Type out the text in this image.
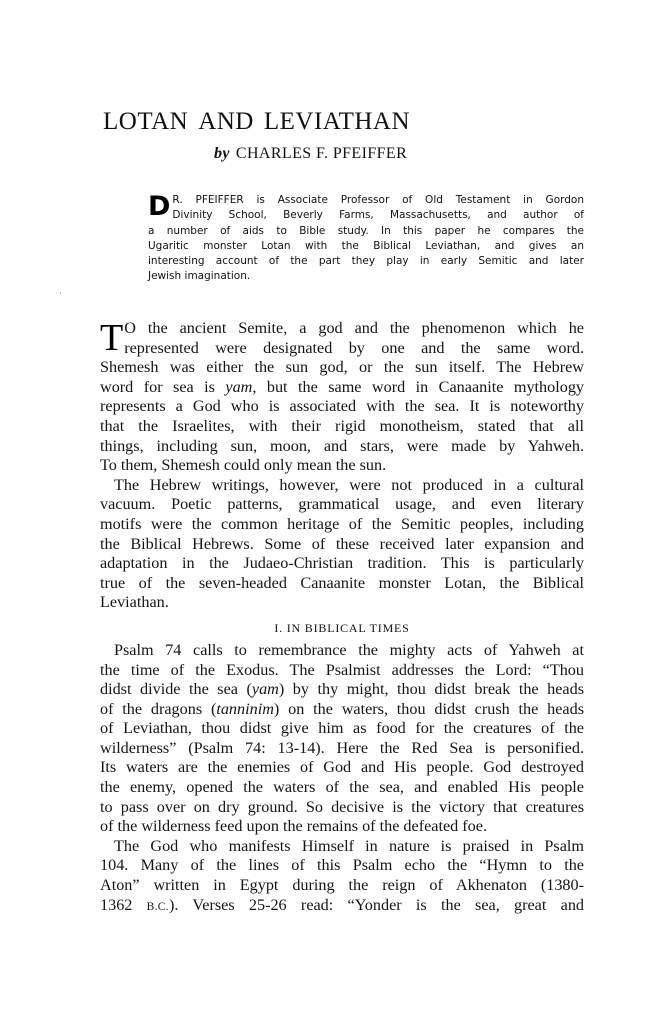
LOTAN AND LEVIATHAN
by CHARLES F. PFEIFFER
D R. PFEIFFER is Associate Professor of Old Testament in Gordon
Divinity School, Beverly Farms, Massachusetts, and author of
a number of aids to Bible study. In this paper he compares the
Ugaritic monster Lotan with the Biblical Leviathan, and gives an
interesting account of the part they play in early Semitic and later
Jewish imagination.
T O the ancient Semite, a god and the phenomenon which he
represented were designated by one and the same word.
Shemesh was either the sun god, or the sun itself. The Hebrew
word for sea is yam, but the same word in Canaanite mythology
represents a God who is associated with the sea. It is noteworthy
that the Israelites, with their rigid monotheism, stated that all
things, including sun, moon, and stars, were made by Yahweh.
To them, Shemesh could only mean the sun.
The Hebrew writings, however, were not produced in a cultural
vacuum. Poetic patterns, grammatical usage, and even literary
motifs were the common heritage of the Semitic peoples, including
the Biblical Hebrews. Some of these received later expansion and
adaptation in the Judaeo-Christian tradition. This is particularly
true of the seven-headed Canaanite monster Lotan, the Biblical
Leviathan.
I. IN BIBLICAL TIMES
Psalm 74 calls to remembrance the mighty acts of Yahweh at
the time of the Exodus. The Psalmist addresses the Lord: “Thou
didst divide the sea (yam) by thy might, thou didst break the heads
of the dragons (tanninim) on the waters, thou didst crush the heads
of Leviathan, thou didst give him as food for the creatures of the
wilderness” (Psalm 74: 13-14). Here the Red Sea is personified.
Its waters are the enemies of God and His people. God destroyed
the enemy, opened the waters of the sea, and enabled His people
to pass over on dry ground. So decisive is the victory that creatures
of the wilderness feed upon the remains of the defeated foe.
The God who manifests Himself in nature is praised in Psalm
104. Many of the lines of this Psalm echo the “Hymn to the
Aton” written in Egypt during the reign of Akhenaton (1380-
1362 B.C.). Verses 25-26 read: “Yonder is the sea, great and
